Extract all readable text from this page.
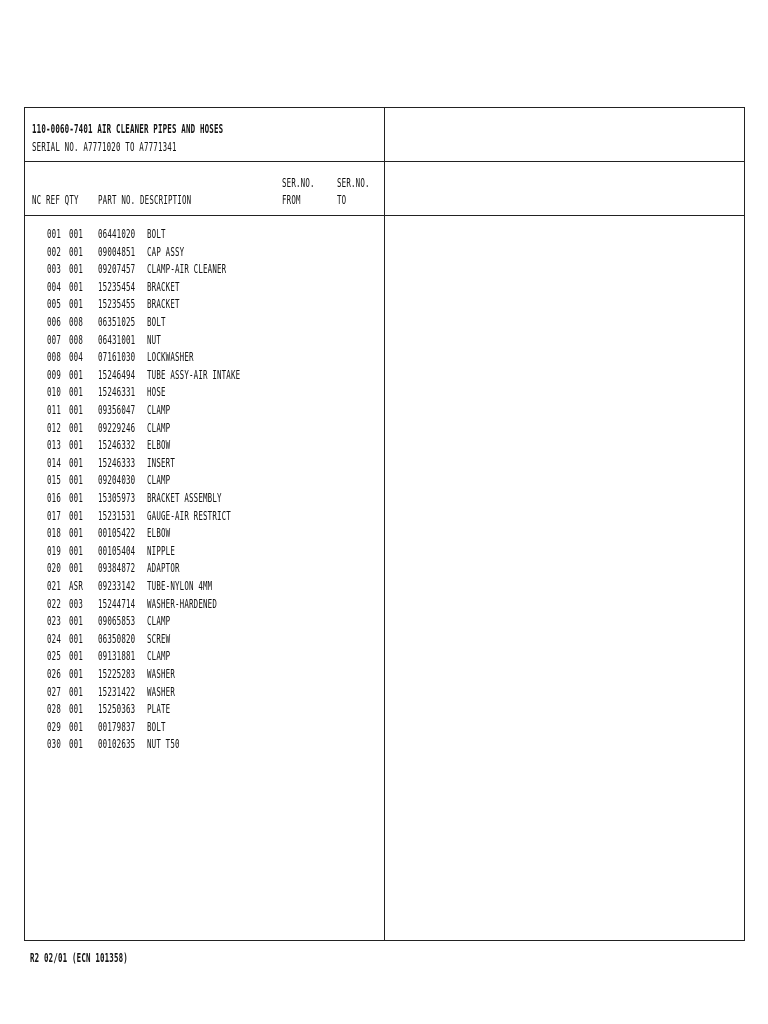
110-0060-7401 AIR CLEANER PIPES AND HOSES
SERIAL NO. A7771020 TO A7771341
SER.NO. SER.NO.
NC REF QTY PART NO. DESCRIPTION	FROM	TO
001 001 06441020 BOLT
002 001 09004851 CAP ASSY
003 001 09207457 CLAMP-AIR CLEANER
004 001 15235454 BRACKET
005 001 15235455 BRACKET
006 008 06351025 BOLT
007 008 06431001 NUT
008 004 07161030 LOCKWASHER
009 001 15246494 TUBE ASSY-AIR INTAKE
010 001 15246331 HOSE
011 001 09356047 CLAMP
012 001 09229246 CLAMP
013 001 15246332 ELBOW
014 001 15246333 INSERT
015 001 09204030 CLAMP
016 001 15305973 BRACKET ASSEMBLY
017 001 15231531 GAUGE-AIR RESTRICT
018 001 00105422 ELBOW
019 001 00105404 NIPPLE
020 001 09384872 ADAPTOR
021 ASR 09233142 TUBE-NYLON 4MM
022 003 15244714 WASHER-HARDENED
023 001 09065853 CLAMP
024 001 06350820 SCREW
025 001 09131881 CLAMP
026 001 15225283 WASHER
027 001 15231422 WASHER
028 001 15250363 PLATE
029 001 00179837 BOLT
030 001 00102635 NUT T50
R2 02/01 (ECN 101358)
